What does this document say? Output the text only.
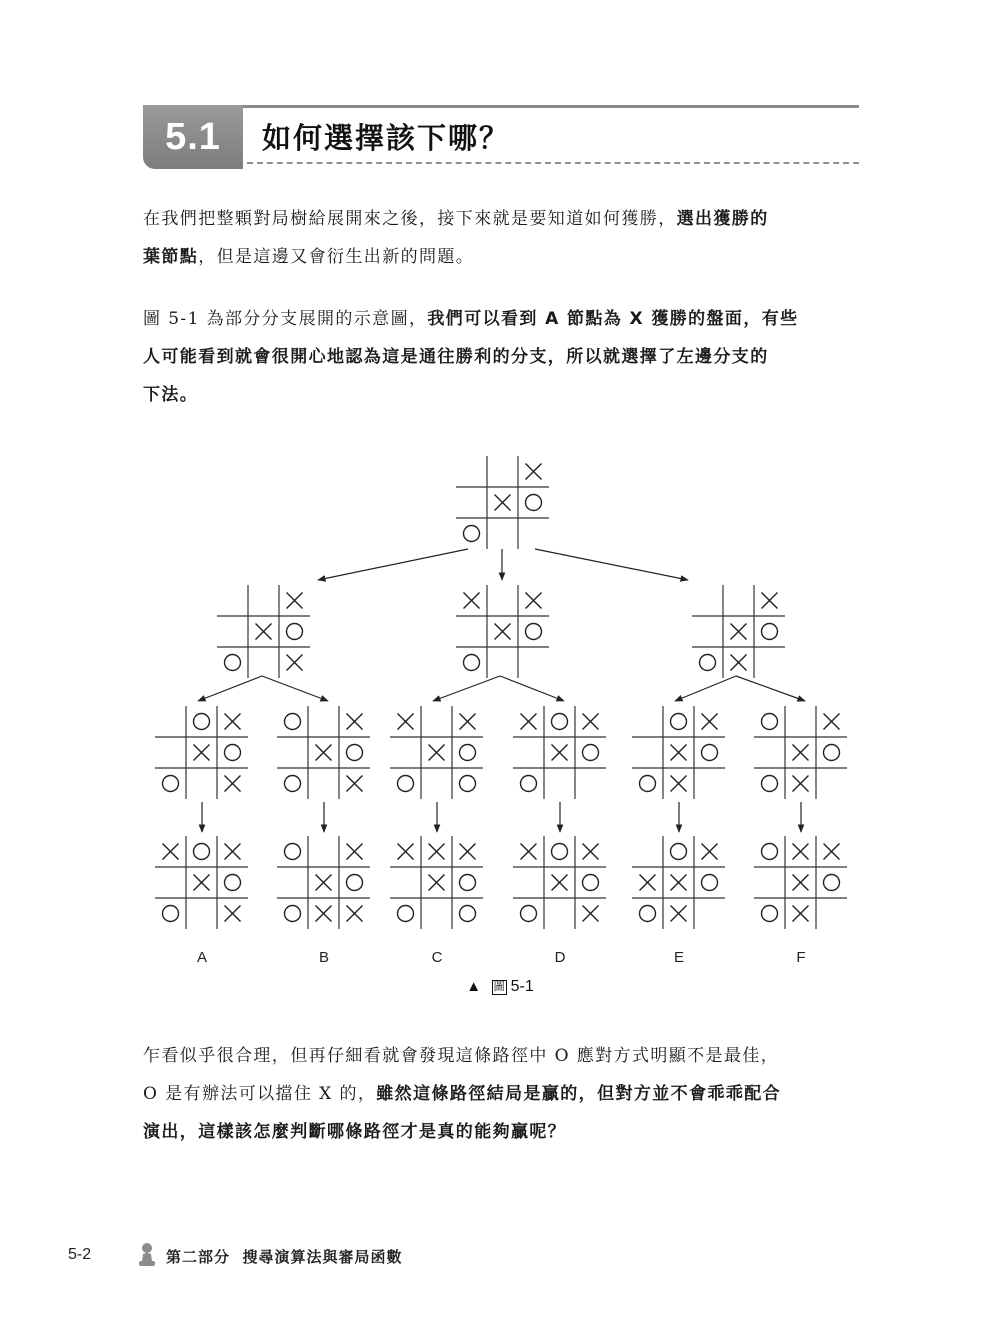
5.1 如何選擇該下哪？

在我們把整顆對局樹給展開來之後，接下來就是要知道如何獲勝，選出獲勝的
葉節點，但是這邊又會衍生出新的問題。

圖 5-1 為部分分支展開的示意圖，我們可以看到 A 節點為 X 獲勝的盤面，有些
人可能看到就會很開心地認為這是通往勝利的分支，所以就選擇了左邊分支的
下法。

乍看似乎很合理，但再仔細看就會發現這條路徑中 O 應對方式明顯不是最佳，
O 是有辦法可以擋住 X 的，雖然這條路徑結局是贏的，但對方並不會乖乖配合
演出，這樣該怎麼判斷哪條路徑才是真的能夠贏呢？

A	B	C	D	E	F
▲ 圖 5-1
5-2	第二部分 搜尋演算法與審局函數
